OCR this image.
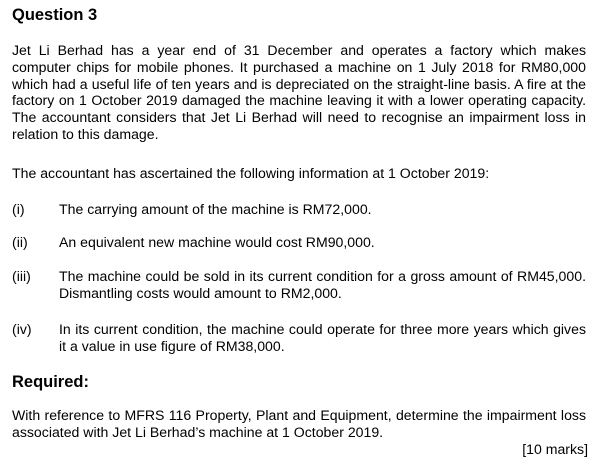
Question 3

Jet Li Berhad has a year end of 31 December and operates a factory which makes computer chips for mobile phones. It purchased a machine on 1 July 2018 for RM80,000 which had a useful life of ten years and is depreciated on the straight-line basis. A fire at the factory on 1 October 2019 damaged the machine leaving it with a lower operating capacity. The accountant considers that Jet Li Berhad will need to recognise an impairment loss in relation to this damage.

The accountant has ascertained the following information at 1 October 2019:

(i) The carrying amount of the machine is RM72,000.
(ii) An equivalent new machine would cost RM90,000.
(iii) The machine could be sold in its current condition for a gross amount of RM45,000. Dismantling costs would amount to RM2,000.
(iv) In its current condition, the machine could operate for three more years which gives it a value in use figure of RM38,000.
Required:

With reference to MFRS 116 Property, Plant and Equipment, determine the impairment loss associated with Jet Li Berhad’s machine at 1 October 2019.

[10 marks]
